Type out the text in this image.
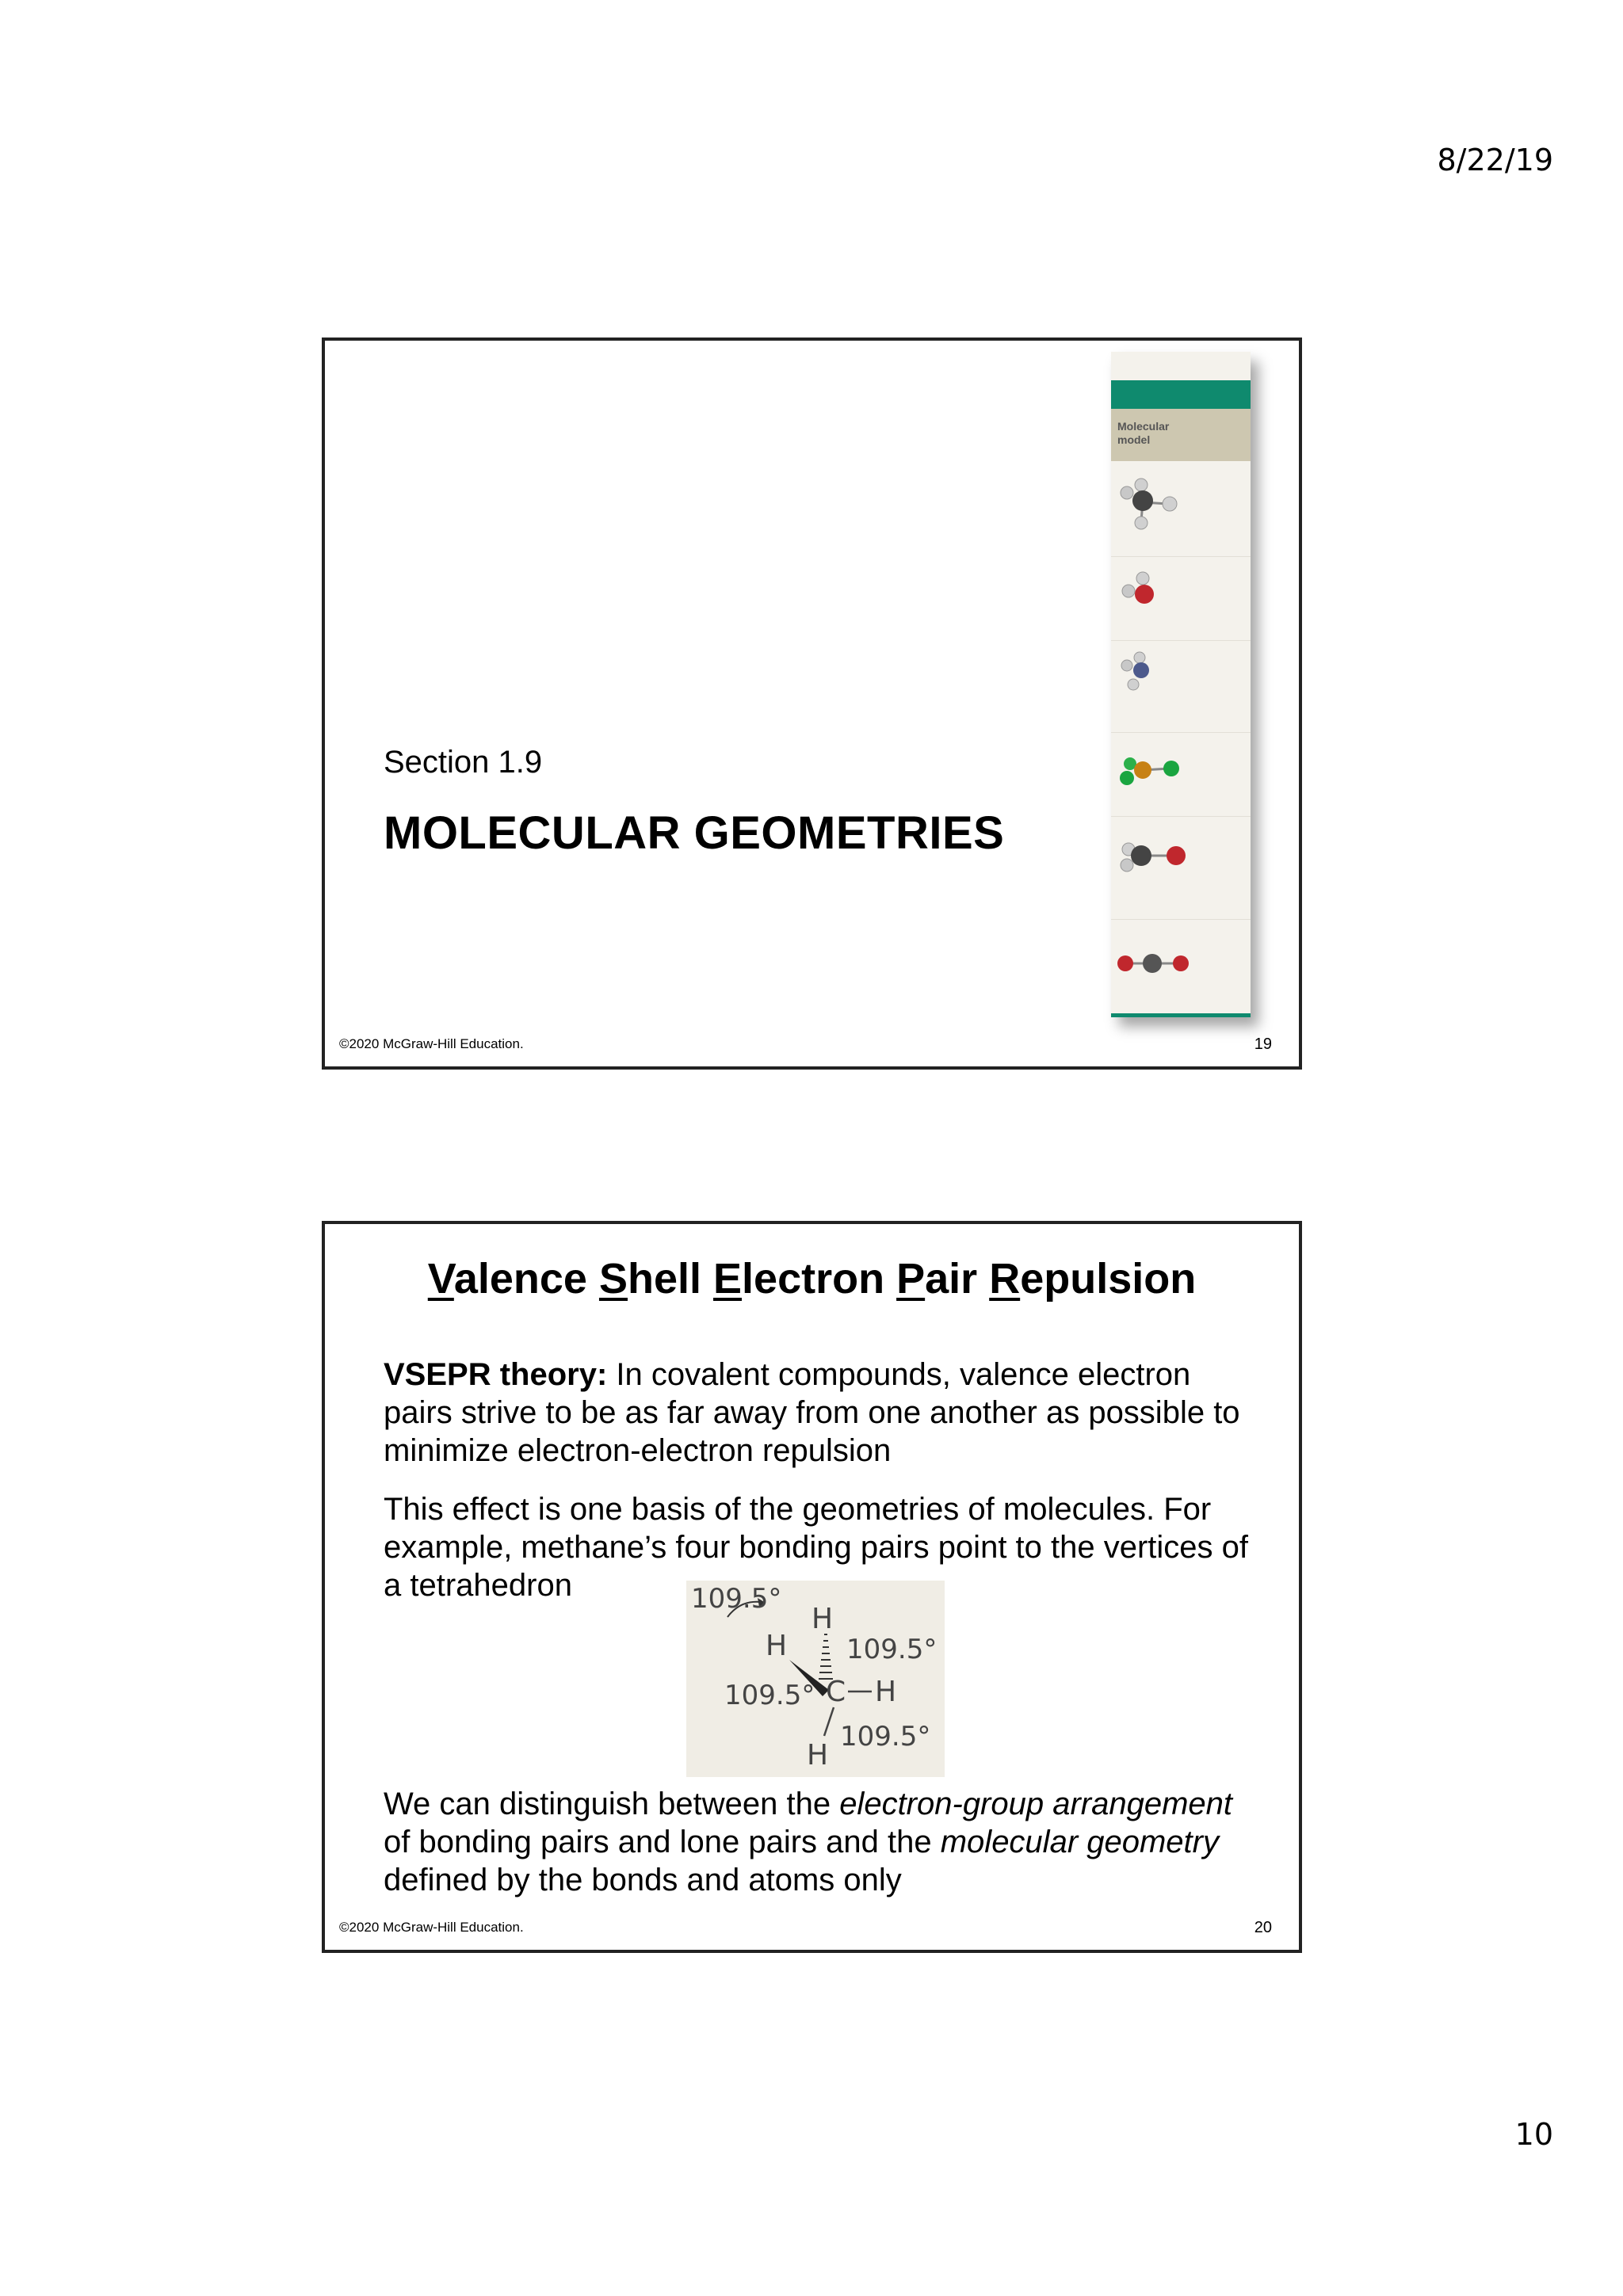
8/22/19
Section 1.9
MOLECULAR GEOMETRIES
Molecular
model
©2020 McGraw-Hill Education.	19
Valence Shell Electron Pair Repulsion
VSEPR theory: In covalent compounds, valence electron pairs strive to be as far away from one another as possible to minimize electron-electron repulsion
This effect is one basis of the geometries of molecules. For example, methane’s four bonding pairs point to the vertices of a tetrahedron	109.5°
H
H 109.5°
109.5° C H
H
109.5°
We can distinguish between the electron-group arrangement of bonding pairs and lone pairs and the molecular geometry defined by the bonds and atoms only
©2020 McGraw-Hill Education.	20
10
